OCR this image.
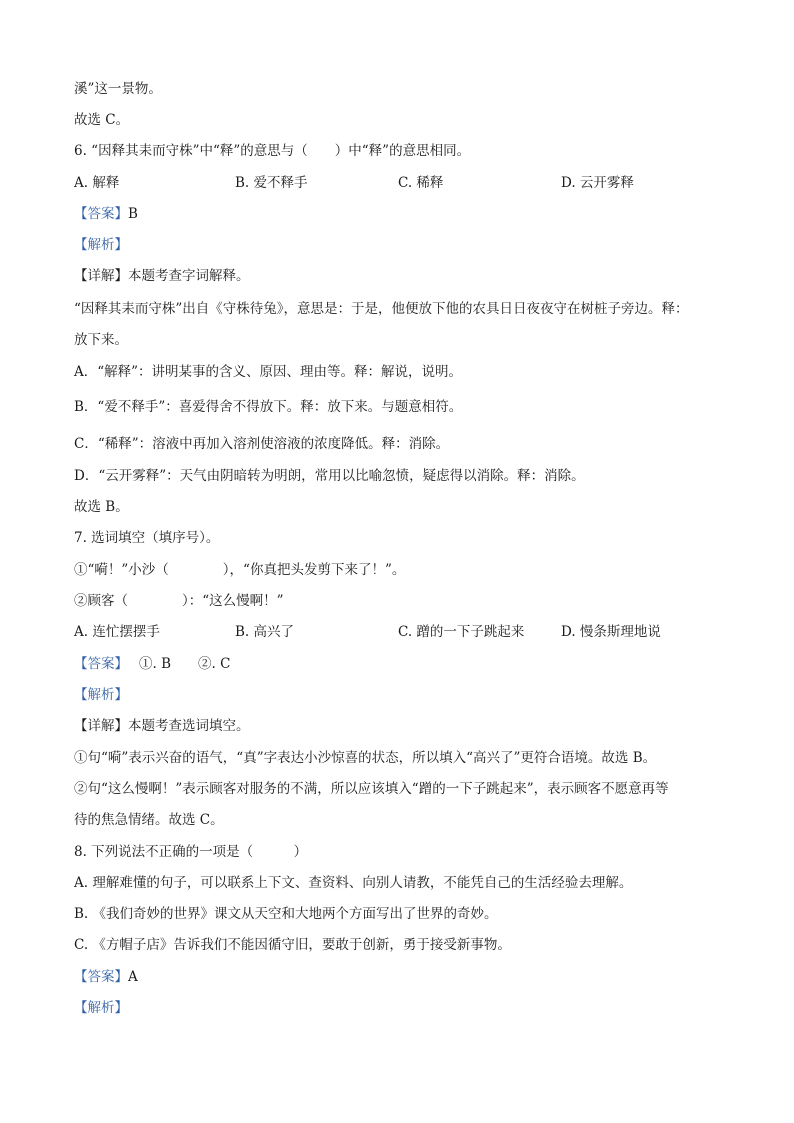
溪”这一景物。
故选 C。
6. “因释其耒而守株”中“释”的意思与（　　）中“释”的意思相同。
A. 解释	B. 爱不释手	C. 稀释	D. 云开雾释
【答案】B
【解析】
【详解】本题考查字词解释。
“因释其耒而守株”出自《守株待兔》，意思是：于是，他便放下他的农具日日夜夜守在树桩子旁边。释：
放下来。
A．“解释”：讲明某事的含义、原因、理由等。释：解说，说明。
B．“爱不释手”：喜爱得舍不得放下。释：放下来。与题意相符。
C．“稀释”：溶液中再加入溶剂使溶液的浓度降低。释：消除。
D．“云开雾释”：天气由阴暗转为明朗，常用以比喻忽愤，疑虑得以消除。释：消除。
故选 B。
7. 选词填空（填序号）。
①“嗬！”小沙（　　　　），“你真把头发剪下来了！”。
②顾客（　　　　）：“这么慢啊！”
A. 连忙摆摆手	B. 高兴了	C. 蹭的一下子跳起来	D. 慢条斯理地说
【答案】　 ①. B　　②. C
【解析】
【详解】本题考查选词填空。
①句“嗬”表示兴奋的语气，“真”字表达小沙惊喜的状态，所以填入“高兴了”更符合语境。故选 B。
②句“这么慢啊！”表示顾客对服务的不满，所以应该填入“蹭的一下子跳起来”，表示顾客不愿意再等
待的焦急情绪。故选 C。
8. 下列说法不正确的一项是（　　　）
A. 理解难懂的句子，可以联系上下文、查资料、向别人请教，不能凭自己的生活经验去理解。
B. 《我们奇妙的世界》课文从天空和大地两个方面写出了世界的奇妙。
C. 《方帽子店》告诉我们不能因循守旧，要敢于创新，勇于接受新事物。
【答案】A
【解析】
